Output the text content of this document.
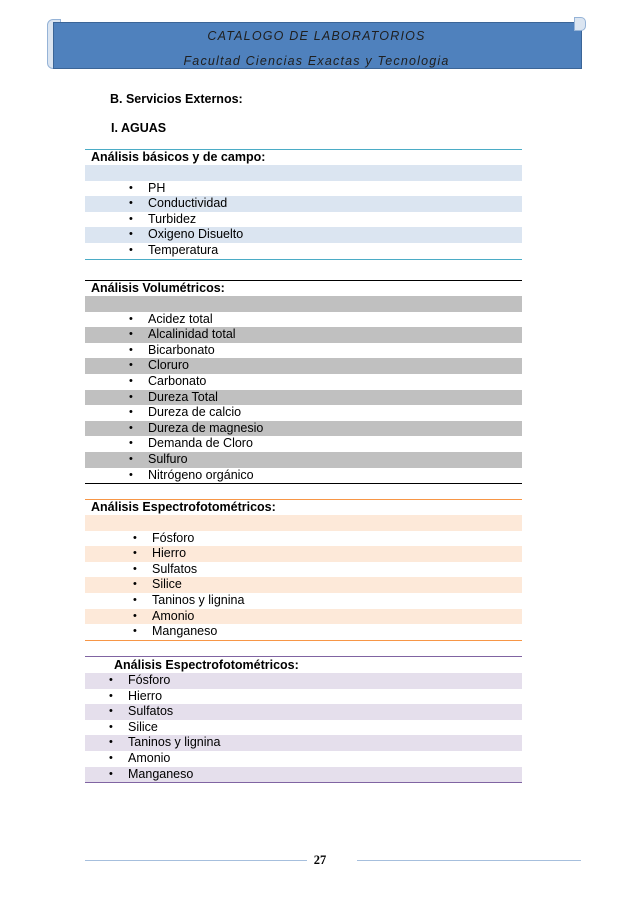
CATALOGO DE LABORATORIOS
Facultad Ciencias Exactas y Tecnologia
B. Servicios Externos:
I. AGUAS
Análisis básicos y de campo:
• PH
• Conductividad
• Turbidez
• Oxigeno Disuelto
• Temperatura
Análisis Volumétricos:
• Acidez total
• Alcalinidad total
• Bicarbonato
• Cloruro
• Carbonato
• Dureza Total
• Dureza de calcio
• Dureza de magnesio
• Demanda de Cloro
• Sulfuro
• Nitrógeno orgánico
Análisis Espectrofotométricos:
• Fósforo
• Hierro
• Sulfatos
• Silice
• Taninos y lignina
• Amonio
• Manganeso
Análisis Espectrofotométricos:
• Fósforo
• Hierro
• Sulfatos
• Silice
• Taninos y lignina
• Amonio
• Manganeso
27
